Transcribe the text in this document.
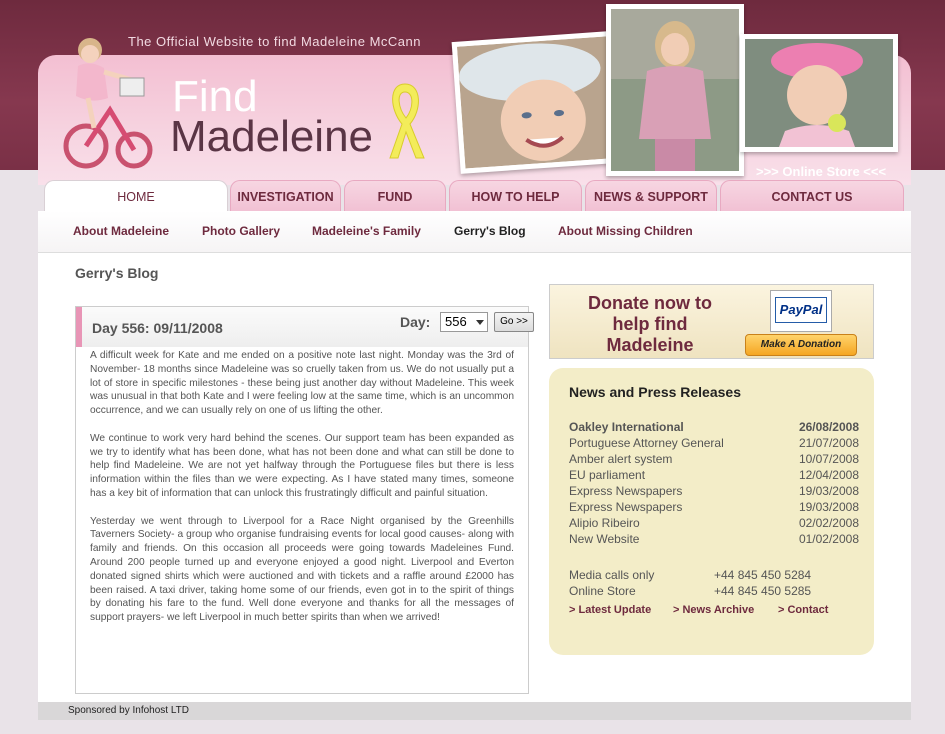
The Official Website to find Madeleine McCann
Find
Madeleine
>>> Online Store <<<
HOME	INVESTIGATION	FUND	HOW TO HELP	NEWS & SUPPORT	CONTACT US
About Madeleine	Photo Gallery	Madeleine's Family	Gerry's Blog	About Missing Children
Gerry's Blog
Day 556: 09/11/2008	Day:	556	Go >>

A difficult week for Kate and me ended on a positive note last night. Monday was the 3rd of November- 18 months since Madeleine was so cruelly taken from us. We do not usually put a lot of store in specific milestones - these being just another day without Madeleine. This week was unusual in that both Kate and I were feeling low at the same time, which is an uncommon occurrence, and we can usually rely on one of us lifting the other.

We continue to work very hard behind the scenes. Our support team has been expanded as we try to identify what has been done, what has not been done and what can still be done to help find Madeleine. We are not yet halfway through the Portuguese files but there is less information within the files than we were expecting. As I have stated many times, someone has a key bit of information that can unlock this frustratingly difficult and painful situation.

Yesterday we went through to Liverpool for a Race Night organised by the Greenhills Taverners Society- a group who organise fundraising events for local good causes- along with family and friends. On this occasion all proceeds were going towards Madeleines Fund. Around 200 people turned up and everyone enjoyed a good night. Liverpool and Everton donated signed shirts which were auctioned and with tickets and a raffle around £2000 has been raised. A taxi driver, taking home some of our friends, even got in to the spirit of things by donating his fare to the fund. Well done everyone and thanks for all the messages of support prayers- we left Liverpool in much better spirits than when we arrived!

Donate now to help find Madeleine
PayPal
Make A Donation
News and Press Releases
Oakley International	26/08/2008
Portuguese Attorney General	21/07/2008
Amber alert system	10/07/2008
EU parliament	12/04/2008
Express Newspapers	19/03/2008
Express Newspapers	19/03/2008
Alipio Ribeiro	02/02/2008
New Website	01/02/2008
Media calls only	+44 845 450 5284
Online Store	+44 845 450 5285
> Latest Update > News Archive > Contact
Sponsored by Infohost LTD
